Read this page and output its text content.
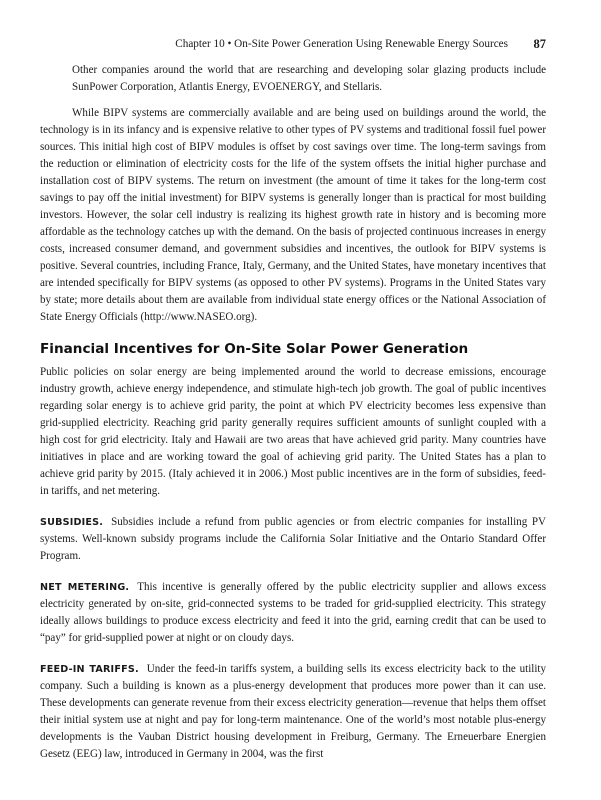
Chapter 10 • On-Site Power Generation Using Renewable Energy Sources 87

Other companies around the world that are researching and developing solar glazing products include SunPower Corporation, Atlantis Energy, EVOENERGY, and Stellaris.

While BIPV systems are commercially available and are being used on buildings around the world, the technology is in its infancy and is expensive relative to other types of PV systems and traditional fossil fuel power sources. This initial high cost of BIPV modules is offset by cost savings over time. The long-term savings from the reduction or elimination of electricity costs for the life of the system offsets the initial higher purchase and installation cost of BIPV systems. The return on investment (the amount of time it takes for the long-term cost savings to pay off the initial investment) for BIPV systems is generally longer than is practical for most building investors. However, the solar cell industry is realizing its highest growth rate in history and is becoming more affordable as the technology catches up with the demand. On the basis of projected continuous increases in energy costs, increased consumer demand, and government subsidies and incentives, the outlook for BIPV systems is positive. Several countries, including France, Italy, Germany, and the United States, have monetary incentives that are intended specifically for BIPV systems (as opposed to other PV systems). Programs in the United States vary by state; more details about them are available from individual state energy offices or the National Association of State Energy Officials (http://www.NASEO.org).

Financial Incentives for On-Site Solar Power Generation

Public policies on solar energy are being implemented around the world to decrease emissions, encourage industry growth, achieve energy independence, and stimulate high-tech job growth. The goal of public incentives regarding solar energy is to achieve grid parity, the point at which PV electricity becomes less expensive than grid-supplied electricity. Reaching grid parity generally requires sufficient amounts of sunlight coupled with a high cost for grid electricity. Italy and Hawaii are two areas that have achieved grid parity. Many countries have initiatives in place and are working toward the goal of achieving grid parity. The United States has a plan to achieve grid parity by 2015. (Italy achieved it in 2006.) Most public incentives are in the form of subsidies, feed-in tariffs, and net metering.

SUBSIDIES. Subsidies include a refund from public agencies or from electric companies for installing PV systems. Well-known subsidy programs include the California Solar Initiative and the Ontario Standard Offer Program.

NET METERING. This incentive is generally offered by the public electricity supplier and allows excess electricity generated by on-site, grid-connected systems to be traded for grid-supplied electricity. This strategy ideally allows buildings to produce excess electricity and feed it into the grid, earning credit that can be used to “pay” for grid-supplied power at night or on cloudy days.

FEED-IN TARIFFS. Under the feed-in tariffs system, a building sells its excess electricity back to the utility company. Such a building is known as a plus-energy development that produces more power than it can use. These developments can generate revenue from their excess electricity generation—revenue that helps them offset their initial system use at night and pay for long-term maintenance. One of the world’s most notable plus-energy developments is the Vauban District housing development in Freiburg, Germany. The Erneuerbare Energien Gesetz (EEG) law, introduced in Germany in 2004, was the first
